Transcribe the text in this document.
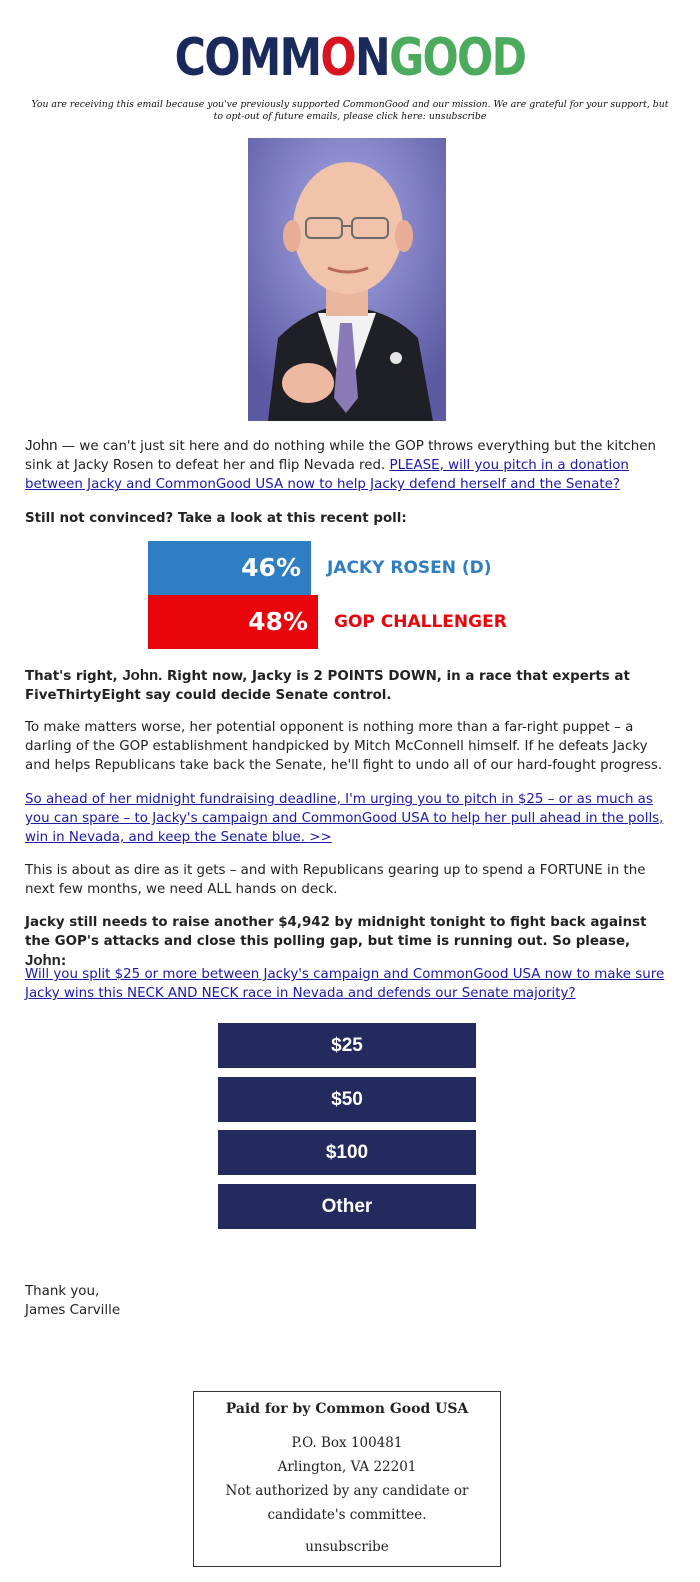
COMMONGOOD
You are receiving this email because you've previously supported CommonGood and our mission. We are grateful for your support, but to opt-out of future emails, please click here: unsubscribe
John — we can't just sit here and do nothing while the GOP throws everything but the kitchen sink at Jacky Rosen to defeat her and flip Nevada red. PLEASE, will you pitch in a donation between Jacky and CommonGood USA now to help Jacky defend herself and the Senate?
Still not convinced? Take a look at this recent poll:
46%	JACKY ROSEN (D)
48%	GOP CHALLENGER
That's right, John. Right now, Jacky is 2 POINTS DOWN, in a race that experts at FiveThirtyEight say could decide Senate control.
To make matters worse, her potential opponent is nothing more than a far-right puppet – a darling of the GOP establishment handpicked by Mitch McConnell himself. If he defeats Jacky and helps Republicans take back the Senate, he'll fight to undo all of our hard-fought progress.
So ahead of her midnight fundraising deadline, I'm urging you to pitch in $25 – or as much as you can spare – to Jacky's campaign and CommonGood USA to help her pull ahead in the polls, win in Nevada, and keep the Senate blue. >>
This is about as dire as it gets – and with Republicans gearing up to spend a FORTUNE in the next few months, we need ALL hands on deck.
Jacky still needs to raise another $4,942 by midnight tonight to fight back against the GOP's attacks and close this polling gap, but time is running out. So please, John:
Will you split $25 or more between Jacky's campaign and CommonGood USA now to make sure Jacky wins this NECK AND NECK race in Nevada and defends our Senate majority?
$25
$50
$100
Other
Thank you,
James Carville
Paid for by Common Good USA
P.O. Box 100481
Arlington, VA 22201
Not authorized by any candidate or
candidate's committee.
unsubscribe
